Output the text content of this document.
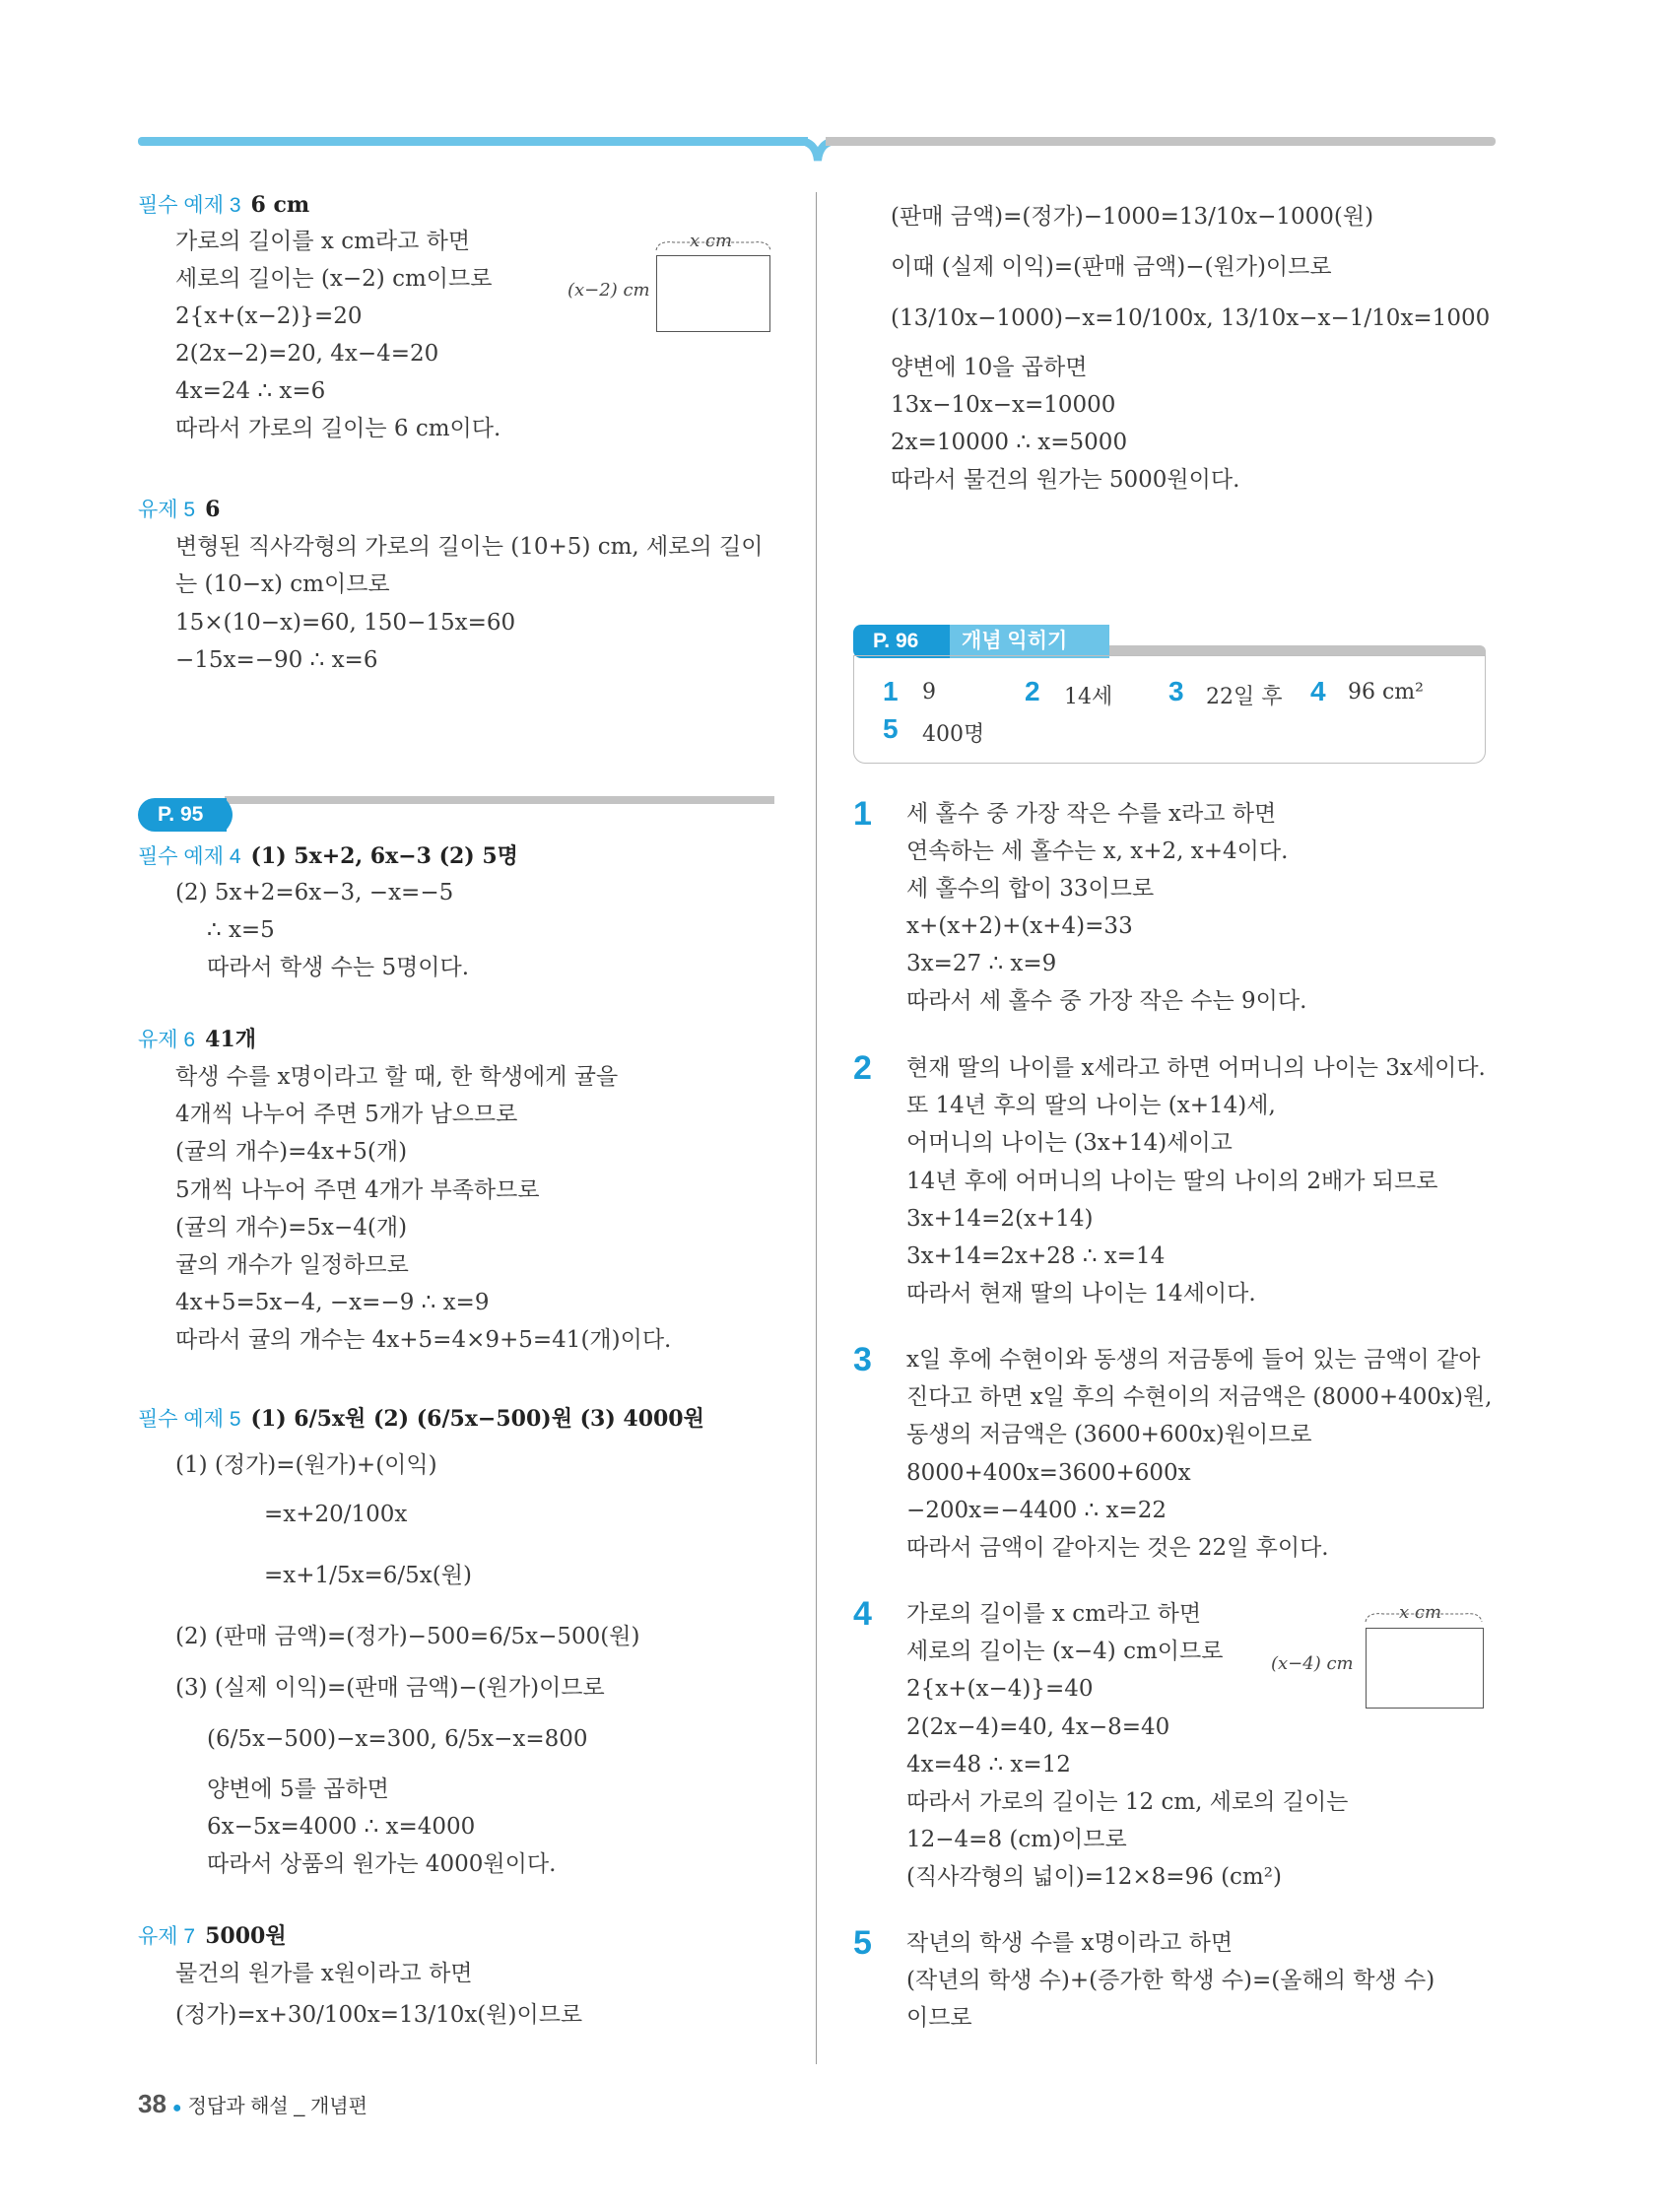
필수 예제 3 6 cm
가로의 길이를 x cm라고 하면
세로의 길이는 (x−2) cm이므로
2{x+(x−2)}=20
2(2x−2)=20, 4x−4=20
4x=24 ∴ x=6
따라서 가로의 길이는 6 cm이다.
x cm
(x−2) cm
유제 5 6
변형된 직사각형의 가로의 길이는 (10+5) cm, 세로의 길이
는 (10−x) cm이므로
15×(10−x)=60, 150−15x=60
−15x=−90 ∴ x=6
P. 95
필수 예제 4 (1) 5x+2, 6x−3 (2) 5명
(2) 5x+2=6x−3, −x=−5
∴ x=5
따라서 학생 수는 5명이다.
유제 6 41개
학생 수를 x명이라고 할 때, 한 학생에게 귤을
4개씩 나누어 주면 5개가 남으므로
(귤의 개수)=4x+5(개)
5개씩 나누어 주면 4개가 부족하므로
(귤의 개수)=5x−4(개)
귤의 개수가 일정하므로
4x+5=5x−4, −x=−9 ∴ x=9
따라서 귤의 개수는 4x+5=4×9+5=41(개)이다.
필수 예제 5 (1) 6/5x원 (2) (6/5x−500)원 (3) 4000원
(1) (정가)=(원가)+(이익)
=x+20/100x
=x+1/5x=6/5x(원)
(2) (판매 금액)=(정가)−500=6/5x−500(원)
(3) (실제 이익)=(판매 금액)−(원가)이므로
(6/5x−500)−x=300, 6/5x−x=800
양변에 5를 곱하면
6x−5x=4000 ∴ x=4000
따라서 상품의 원가는 4000원이다.
유제 7 5000원
물건의 원가를 x원이라고 하면
(정가)=x+30/100x=13/10x(원)이므로
(판매 금액)=(정가)−1000=13/10x−1000(원)
이때 (실제 이익)=(판매 금액)−(원가)이므로
(13/10x−1000)−x=10/100x, 13/10x−x−1/10x=1000
양변에 10을 곱하면
13x−10x−x=10000
2x=10000 ∴ x=5000
따라서 물건의 원가는 5000원이다.
P. 96	개념 익히기
1 9	2 14세 3 22일 후 4 96 cm²
5 400명
1 세 홀수 중 가장 작은 수를 x라고 하면
연속하는 세 홀수는 x, x+2, x+4이다.
세 홀수의 합이 33이므로
x+(x+2)+(x+4)=33
3x=27 ∴ x=9
따라서 세 홀수 중 가장 작은 수는 9이다.
2 현재 딸의 나이를 x세라고 하면 어머니의 나이는 3x세이다.
또 14년 후의 딸의 나이는 (x+14)세,
어머니의 나이는 (3x+14)세이고
14년 후에 어머니의 나이는 딸의 나이의 2배가 되므로
3x+14=2(x+14)
3x+14=2x+28 ∴ x=14
따라서 현재 딸의 나이는 14세이다.
3 x일 후에 수현이와 동생의 저금통에 들어 있는 금액이 같아
진다고 하면 x일 후의 수현이의 저금액은 (8000+400x)원,
동생의 저금액은 (3600+600x)원이므로
8000+400x=3600+600x
−200x=−4400 ∴ x=22
따라서 금액이 같아지는 것은 22일 후이다.
4 가로의 길이를 x cm라고 하면
세로의 길이는 (x−4) cm이므로
2{x+(x−4)}=40
2(2x−4)=40, 4x−8=40
4x=48 ∴ x=12
따라서 가로의 길이는 12 cm, 세로의 길이는
12−4=8 (cm)이므로
(직사각형의 넓이)=12×8=96 (cm²)
x cm
(x−4) cm
5 작년의 학생 수를 x명이라고 하면
(작년의 학생 수)+(증가한 학생 수)=(올해의 학생 수)
이므로
38 ● 정답과 해설 _ 개념편
